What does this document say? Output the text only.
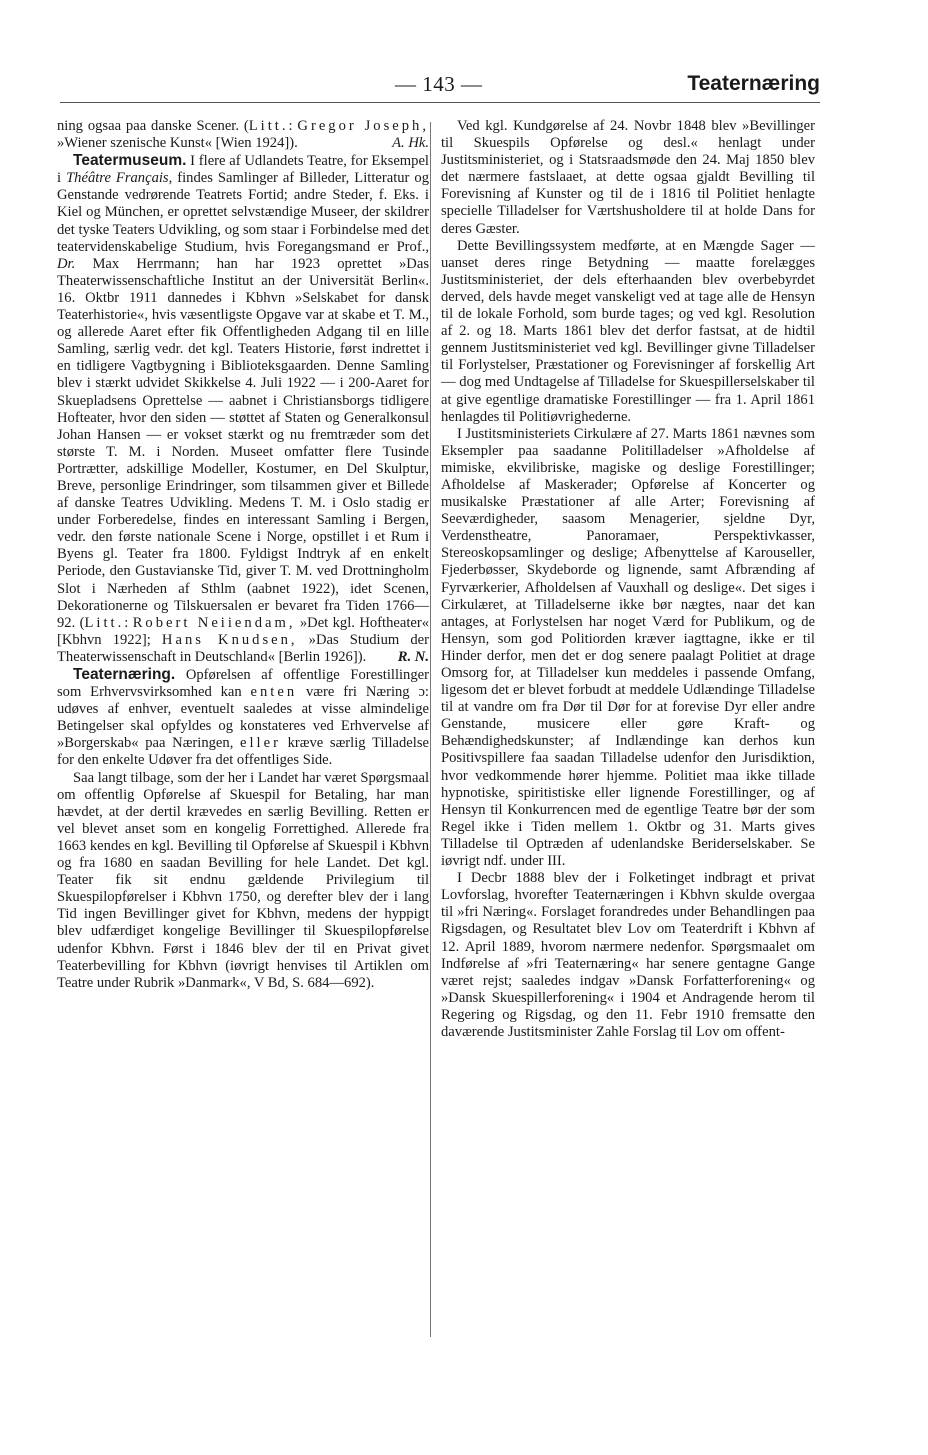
— 143 —	Teaternæring

ning ogsaa paa danske Scener. (Litt.: Gregor Joseph, »Wiener szenische Kunst« [Wien 1924]).	A. Hk.

Teatermuseum. I flere af Udlandets Teatre, for Eksempel i Théâtre Français, findes Samlinger af Billeder, Litteratur og Genstande vedrørende Teatrets Fortid; andre Steder, f. Eks. i Kiel og München, er oprettet selvstændige Museer, der skildrer det tyske Teaters Udvikling, og som staar i Forbindelse med det teatervidenskabelige Studium, hvis Foregangsmand er Prof., Dr. Max Herrmann; han har 1923 oprettet »Das Theaterwissenschaftliche Institut an der Universität Berlin«. 16. Oktbr 1911 dannedes i Kbhvn »Selskabet for dansk Teaterhistorie«, hvis væsentligste Opgave var at skabe et T. M., og allerede Aaret efter fik Offentligheden Adgang til en lille Samling, særlig vedr. det kgl. Teaters Historie, først indrettet i en tidligere Vagtbygning i Biblioteksgaarden. Denne Samling blev i stærkt udvidet Skikkelse 4. Juli 1922 — i 200-Aaret for Skuepladsens Oprettelse — aabnet i Christiansborgs tidligere Hofteater, hvor den siden — støttet af Staten og Generalkonsul Johan Hansen — er vokset stærkt og nu fremtræder som det største T. M. i Norden. Museet omfatter flere Tusinde Portrætter, adskillige Modeller, Kostumer, en Del Skulptur, Breve, personlige Erindringer, som tilsammen giver et Billede af danske Teatres Udvikling. Medens T. M. i Oslo stadig er under Forberedelse, findes en interessant Samling i Bergen, vedr. den første nationale Scene i Norge, opstillet i et Rum i Byens gl. Teater fra 1800. Fyldigst Indtryk af en enkelt Periode, den Gustavianske Tid, giver T. M. ved Drottningholm Slot i Nærheden af Sthlm (aabnet 1922), idet Scenen, Dekorationerne og Tilskuersalen er bevaret fra Tiden 1766—92. (Litt.: Robert Neiiendam, »Det kgl. Hoftheater« [Kbhvn 1922]; Hans Knudsen, »Das Studium der Theaterwissenschaft in Deutschland« [Berlin 1926]).	R. N.

Teaternæring. Opførelsen af offentlige Forestillinger som Erhvervsvirksomhed kan enten være fri Næring ɔ: udøves af enhver, eventuelt saaledes at visse almindelige Betingelser skal opfyldes og konstateres ved Erhvervelse af »Borgerskab« paa Næringen, eller kræve særlig Tilladelse for den enkelte Udøver fra det offentliges Side.

Saa langt tilbage, som der her i Landet har været Spørgsmaal om offentlig Opførelse af Skuespil for Betaling, har man hævdet, at der dertil krævedes en særlig Bevilling. Retten er vel blevet anset som en kongelig Forrettighed. Allerede fra 1663 kendes en kgl. Bevilling til Opførelse af Skuespil i Kbhvn og fra 1680 en saadan Bevilling for hele Landet. Det kgl. Teater fik sit endnu gældende Privilegium til Skuespilopførelser i Kbhvn 1750, og derefter blev der i lang Tid ingen Bevillinger givet for Kbhvn, medens der hyppigt blev udfærdiget kongelige Bevillinger til Skuespilopførelse udenfor Kbhvn. Først i 1846 blev der til en Privat givet Teaterbevilling for Kbhvn (iøvrigt henvises til Artiklen om Teatre under Rubrik »Danmark«, V Bd, S. 684—692).

Ved kgl. Kundgørelse af 24. Novbr 1848 blev »Bevillinger til Skuespils Opførelse og desl.« henlagt under Justitsministeriet, og i Statsraadsmøde den 24. Maj 1850 blev det nærmere fastslaaet, at dette ogsaa gjaldt Bevilling til Forevisning af Kunster og til de i 1816 til Politiet henlagte specielle Tilladelser for Værtshusholdere til at holde Dans for deres Gæster.

Dette Bevillingssystem medførte, at en Mængde Sager — uanset deres ringe Betydning — maatte forelægges Justitsministeriet, der dels efterhaanden blev overbebyrdet derved, dels havde meget vanskeligt ved at tage alle de Hensyn til de lokale Forhold, som burde tages; og ved kgl. Resolution af 2. og 18. Marts 1861 blev det derfor fastsat, at de hidtil gennem Justitsministeriet ved kgl. Bevillinger givne Tilladelser til Forlystelser, Præstationer og Forevisninger af forskellig Art — dog med Undtagelse af Tilladelse for Skuespillerselskaber til at give egentlige dramatiske Forestillinger — fra 1. April 1861 henlagdes til Politiøvrighederne.

I Justitsministeriets Cirkulære af 27. Marts 1861 nævnes som Eksempler paa saadanne Politilladelser »Afholdelse af mimiske, ekvilibriske, magiske og deslige Forestillinger; Afholdelse af Maskerader; Opførelse af Koncerter og musikalske Præstationer af alle Arter; Forevisning af Seeværdigheder, saasom Menagerier, sjeldne Dyr, Verdenstheatre, Panoramaer, Perspektivkasser, Stereoskopsamlinger og deslige; Afbenyttelse af Karouseller, Fjederbøsser, Skydeborde og lignende, samt Afbrænding af Fyrværkerier, Afholdelsen af Vauxhall og deslige«. Det siges i Cirkulæret, at Tilladelserne ikke bør nægtes, naar det kan antages, at Forlystelsen har noget Værd for Publikum, og de Hensyn, som god Politiorden kræver iagttagne, ikke er til Hinder derfor, men det er dog senere paalagt Politiet at drage Omsorg for, at Tilladelser kun meddeles i passende Omfang, ligesom det er blevet forbudt at meddele Udlændinge Tilladelse til at vandre om fra Dør til Dør for at forevise Dyr eller andre Genstande, musicere eller gøre Kraft- og Behændighedskunster; af Indlændinge kan derhos kun Positivspillere faa saadan Tilladelse udenfor den Jurisdiktion, hvor vedkommende hører hjemme. Politiet maa ikke tillade hypnotiske, spiritistiske eller lignende Forestillinger, og af Hensyn til Konkurrencen med de egentlige Teatre bør der som Regel ikke i Tiden mellem 1. Oktbr og 31. Marts gives Tilladelse til Optræden af udenlandske Beriderselskaber. Se iøvrigt ndf. under III.

I Decbr 1888 blev der i Folketinget indbragt et privat Lovforslag, hvorefter Teaternæringen i Kbhvn skulde overgaa til »fri Næring«. Forslaget forandredes under Behandlingen paa Rigsdagen, og Resultatet blev Lov om Teaterdrift i Kbhvn af 12. April 1889, hvorom nærmere nedenfor. Spørgsmaalet om Indførelse af »fri Teaternæring« har senere gentagne Gange været rejst; saaledes indgav »Dansk Forfatterforening« og »Dansk Skuespillerforening« i 1904 et Andragende herom til Regering og Rigsdag, og den 11. Febr 1910 fremsatte den daværende Justitsminister Zahle Forslag til Lov om offent-
